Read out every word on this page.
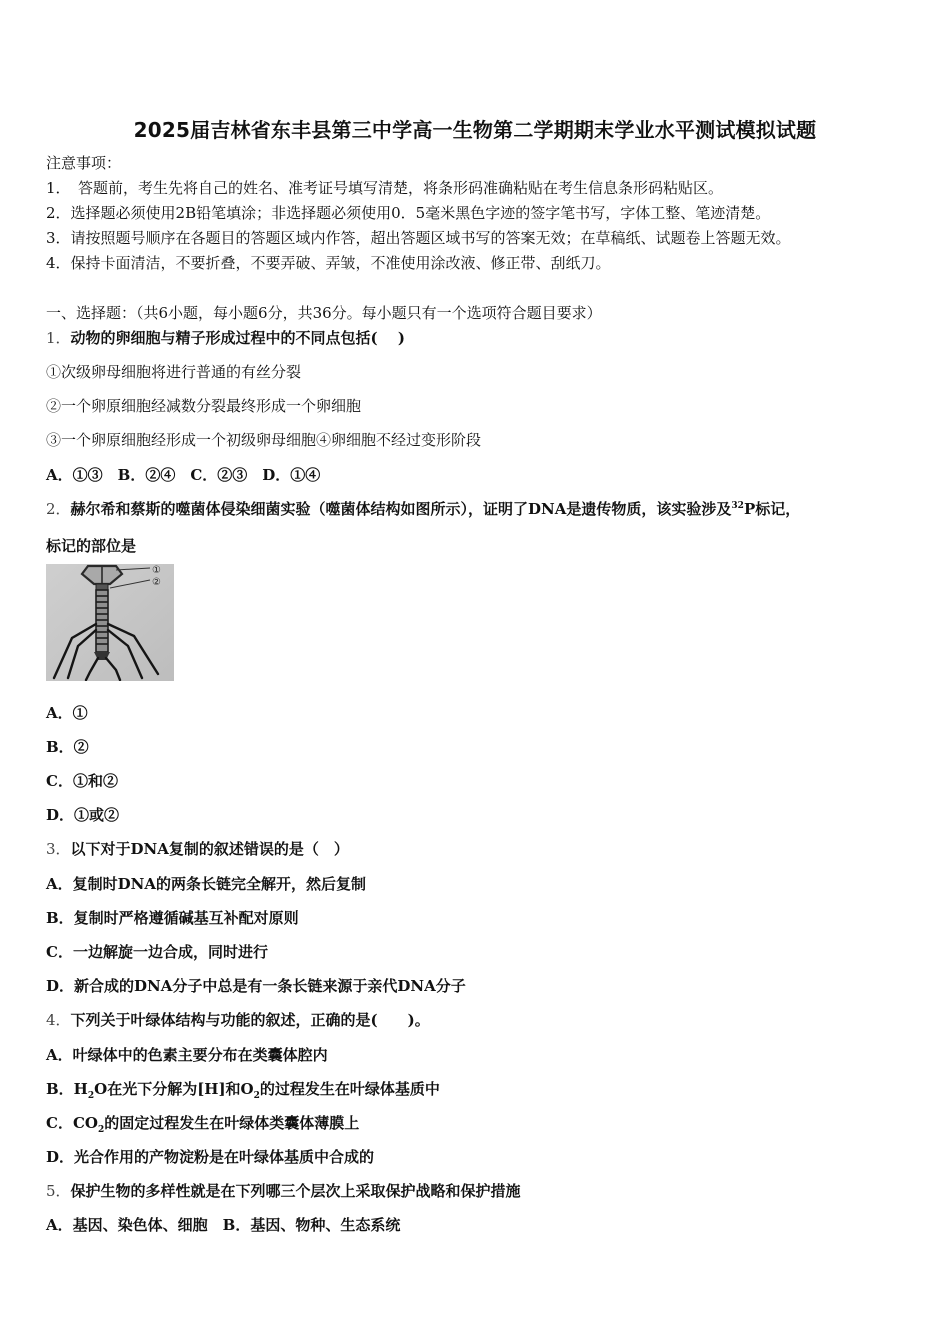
2025届吉林省东丰县第三中学高一生物第二学期期末学业水平测试模拟试题
注意事项：
1．　答题前，考生先将自己的姓名、准考证号填写清楚，将条形码准确粘贴在考生信息条形码粘贴区。
2．选择题必须使用2B铅笔填涂；非选择题必须使用0．5毫米黑色字迹的签字笔书写，字体工整、笔迹清楚。
3．请按照题号顺序在各题目的答题区域内作答，超出答题区域书写的答案无效；在草稿纸、试题卷上答题无效。
4．保持卡面清洁，不要折叠，不要弄破、弄皱，不准使用涂改液、修正带、刮纸刀。
一、选择题：（共6小题，每小题6分，共36分。每小题只有一个选项符合题目要求）
1．动物的卵细胞与精子形成过程中的不同点包括(　 )
①次级卵母细胞将进行普通的有丝分裂
②一个卵原细胞经减数分裂最终形成一个卵细胞
③一个卵原细胞经形成一个初级卵母细胞④卵细胞不经过变形阶段
A．①③　B．②④　C．②③　D．①④
2．赫尔希和蔡斯的噬菌体侵染细菌实验（噬菌体结构如图所示），证明了DNA是遗传物质，该实验涉及$^{32}$P标记，
标记的部位是
①
②
A．①
B．②
C．①和②
D．①或②
3．以下对于DNA复制的叙述错误的是（　）
A．复制时DNA的两条长链完全解开，然后复制
B．复制时严格遵循碱基互补配对原则
C．一边解旋一边合成，同时进行
D．新合成的DNA分子中总是有一条长链来源于亲代DNA分子
4．下列关于叶绿体结构与功能的叙述，正确的是(　　)。
A．叶绿体中的色素主要分布在类囊体腔内
B．$H_2O$在光下分解为[H]和$O_2$的过程发生在叶绿体基质中
C．$CO_2$的固定过程发生在叶绿体类囊体薄膜上
D．光合作用的产物淀粉是在叶绿体基质中合成的
5．保护生物的多样性就是在下列哪三个层次上采取保护战略和保护措施
A．基因、染色体、细胞　B．基因、物种、生态系统
